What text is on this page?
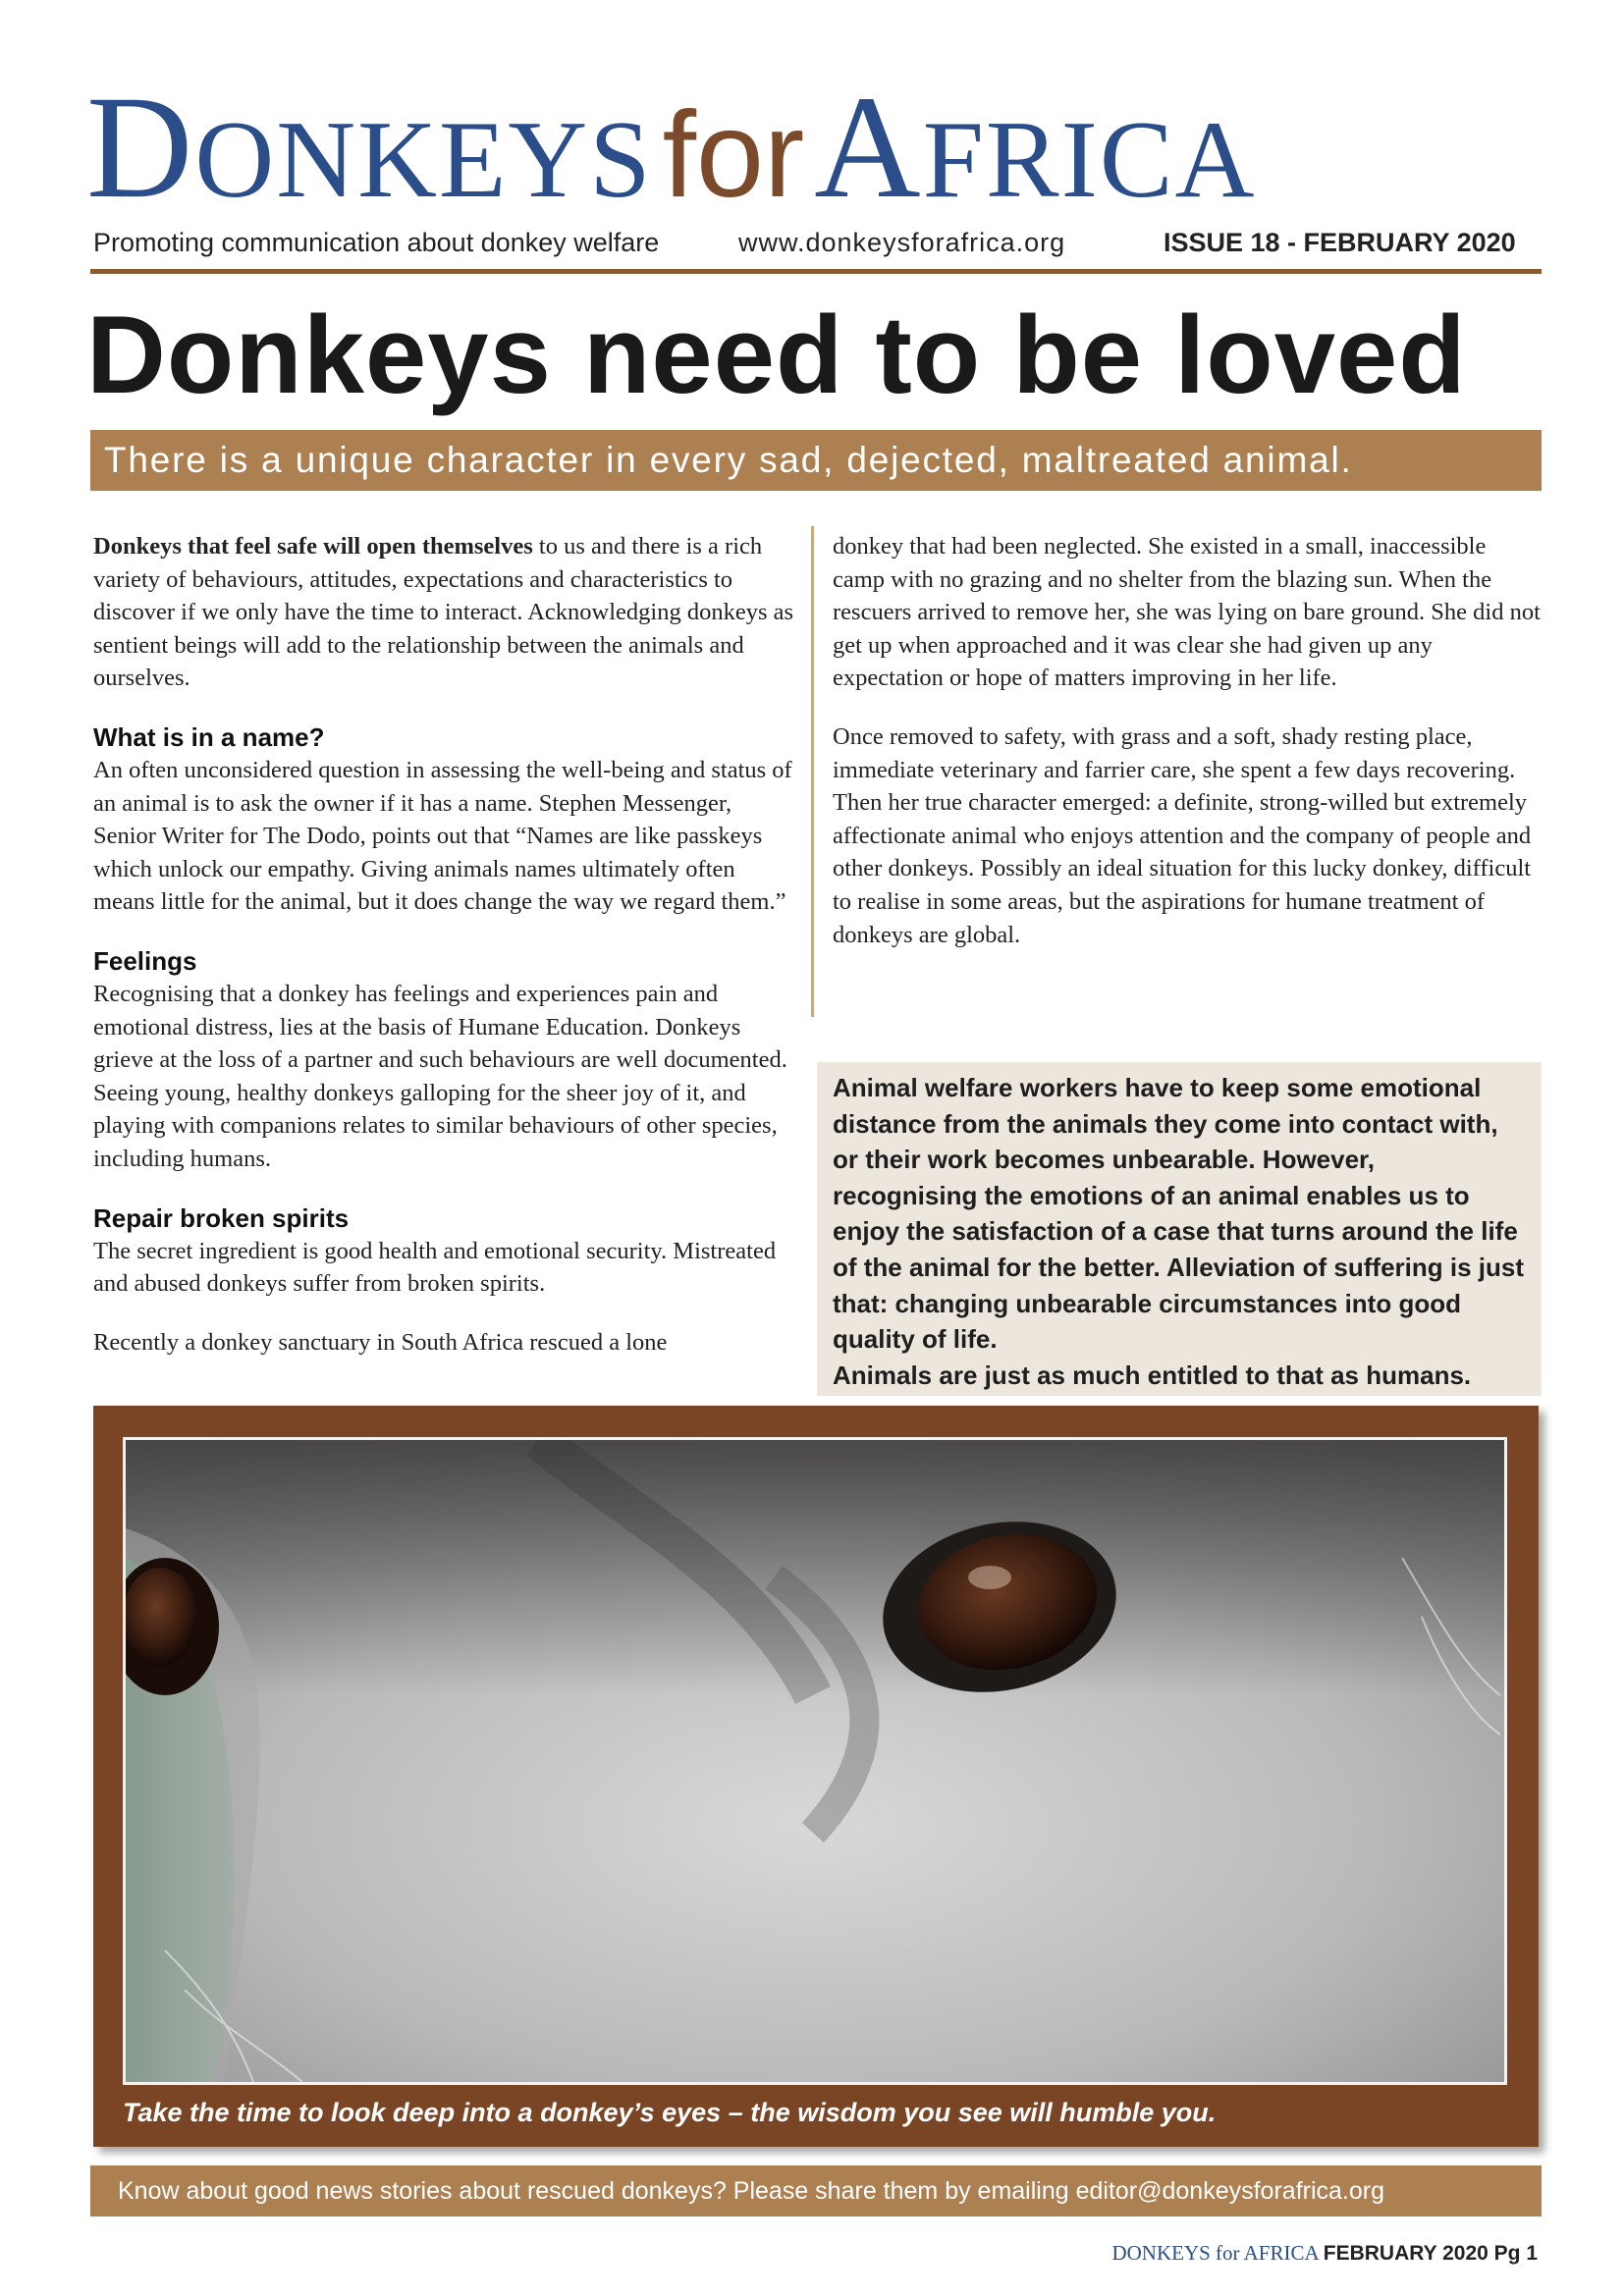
DONKEYSforAFRICA
Promoting communication about donkey welfare	www.donkeysforafrica.org	ISSUE 18 - FEBRUARY 2020
Donkeys need to be loved
There is a unique character in every sad, dejected, maltreated animal.

Donkeys that feel safe will open themselves to us and there is a rich variety of behaviours, attitudes, expectations and characteristics to discover if we only have the time to interact. Acknowledging donkeys as sentient beings will add to the relationship between the animals and ourselves.

What is in a name?

An often unconsidered question in assessing the well-being and status of an animal is to ask the owner if it has a name. Stephen Messenger, Senior Writer for The Dodo, points out that “Names are like passkeys which unlock our empathy. Giving animals names ultimately often means little for the animal, but it does change the way we regard them.”

Feelings

Recognising that a donkey has feelings and experiences pain and emotional distress, lies at the basis of Humane Education. Donkeys grieve at the loss of a partner and such behaviours are well documented. Seeing young, healthy donkeys galloping for the sheer joy of it, and playing with companions relates to similar behaviours of other species, including humans.

Repair broken spirits

The secret ingredient is good health and emotional security. Mistreated and abused donkeys suffer from broken spirits.

Recently a donkey sanctuary in South Africa rescued a lone

donkey that had been neglected. She existed in a small, inaccessible camp with no grazing and no shelter from the blazing sun. When the rescuers arrived to remove her, she was lying on bare ground. She did not get up when approached and it was clear she had given up any expectation or hope of matters improving in her life.

Once removed to safety, with grass and a soft, shady resting place, immediate veterinary and farrier care, she spent a few days recovering. Then her true character emerged: a definite, strong-willed but extremely affectionate animal who enjoys attention and the company of people and other donkeys. Possibly an ideal situation for this lucky donkey, difficult to realise in some areas, but the aspirations for humane treatment of donkeys are global.

Animal welfare workers have to keep some emotional distance from the animals they come into contact with, or their work becomes unbearable. However, recognising the emotions of an animal enables us to enjoy the satisfaction of a case that turns around the life of the animal for the better. Alleviation of suffering is just that: changing unbearable circumstances into good quality of life.

Animals are just as much entitled to that as humans.

Take the time to look deep into a donkey’s eyes – the wisdom you see will humble you.
Know about good news stories about rescued donkeys? Please share them by emailing editor@donkeysforafrica.org
DONKEYS for AFRICA FEBRUARY 2020 Pg 1
